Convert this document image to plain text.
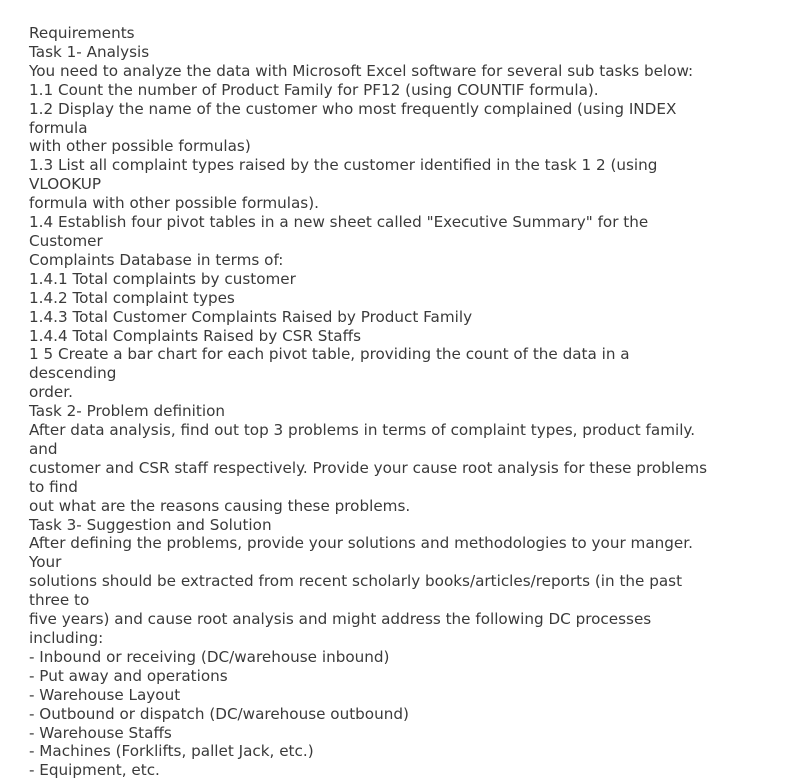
Requirements
Task 1- Analysis
You need to analyze the data with Microsoft Excel software for several sub tasks below:
1.1 Count the number of Product Family for PF12 (using COUNTIF formula).
1.2 Display the name of the customer who most frequently complained (using INDEX
formula
with other possible formulas)
1.3 List all complaint types raised by the customer identified in the task 1 2 (using
VLOOKUP
formula with other possible formulas).
1.4 Establish four pivot tables in a new sheet called "Executive Summary" for the
Customer
Complaints Database in terms of:
1.4.1 Total complaints by customer
1.4.2 Total complaint types
1.4.3 Total Customer Complaints Raised by Product Family
1.4.4 Total Complaints Raised by CSR Staffs
1 5 Create a bar chart for each pivot table, providing the count of the data in a
descending
order.
Task 2- Problem definition
After data analysis, find out top 3 problems in terms of complaint types, product family.
and
customer and CSR staff respectively. Provide your cause root analysis for these problems
to find
out what are the reasons causing these problems.
Task 3- Suggestion and Solution
After defining the problems, provide your solutions and methodologies to your manger.
Your
solutions should be extracted from recent scholarly books/articles/reports (in the past
three to
five years) and cause root analysis and might address the following DC processes
including:
- Inbound or receiving (DC/warehouse inbound)
- Put away and operations
- Warehouse Layout
- Outbound or dispatch (DC/warehouse outbound)
- Warehouse Staffs
- Machines (Forklifts, pallet Jack, etc.)
- Equipment, etc.
